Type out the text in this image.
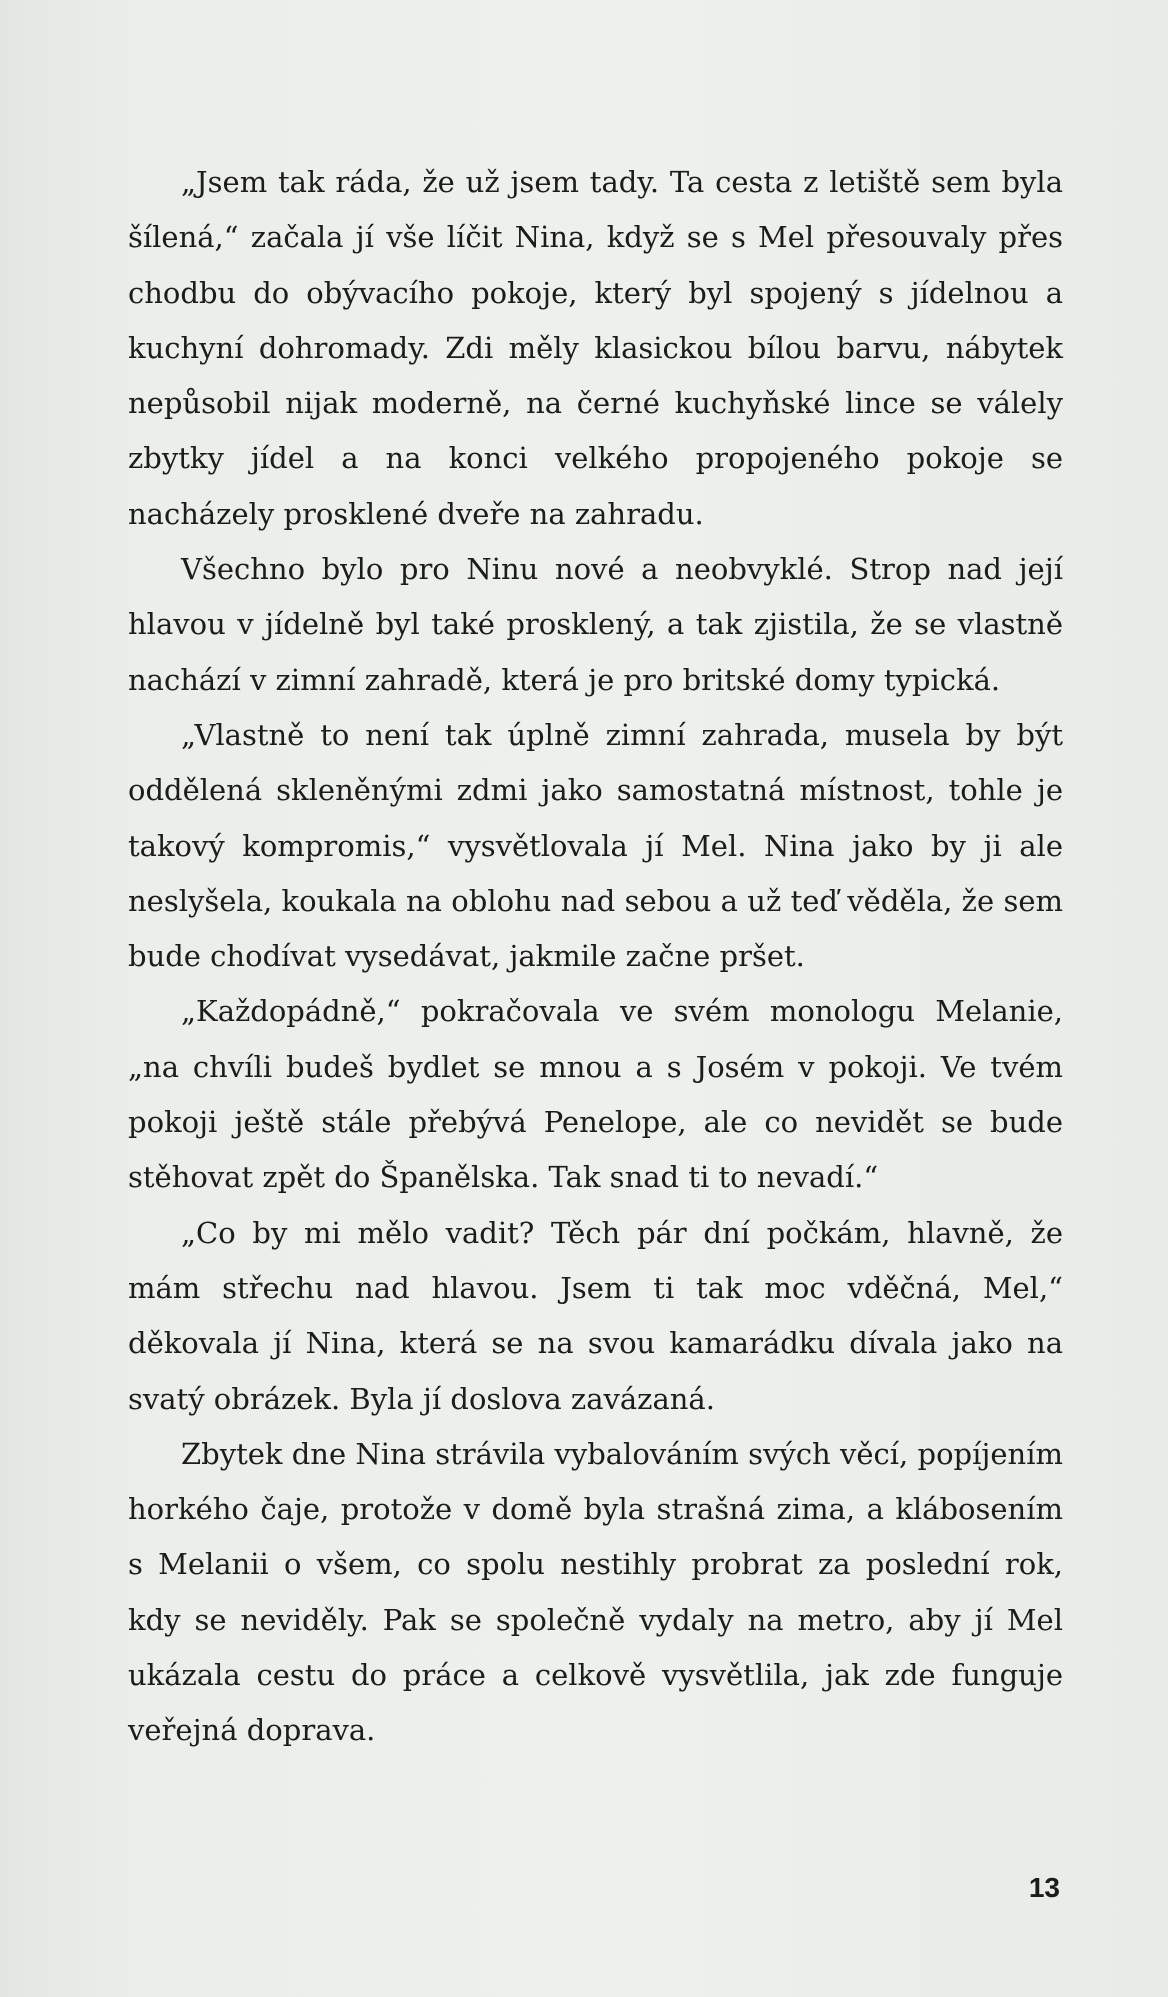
„Jsem tak ráda, že už jsem tady. Ta cesta z letiště sem byla šílená,“ začala jí vše líčit Nina, když se s Mel přesouvaly přes chodbu do obývacího pokoje, který byl spojený s jídelnou a kuchyní dohromady. Zdi měly klasickou bílou barvu, nábytek nepůsobil nijak moderně, na černé kuchyňské lince se válely zbytky jídel a na konci velkého propojeného pokoje se nacházely prosklené dveře na zahradu.

Všechno bylo pro Ninu nové a neobvyklé. Strop nad její hlavou v jídelně byl také prosklený, a tak zjistila, že se vlastně nachází v zimní zahradě, která je pro britské domy typická.

„Vlastně to není tak úplně zimní zahrada, musela by být oddělená skleněnými zdmi jako samostatná místnost, tohle je takový kompromis,“ vysvětlovala jí Mel. Nina jako by ji ale neslyšela, koukala na oblohu nad sebou a už teď věděla, že sem bude chodívat vysedávat, jakmile začne pršet.

„Každopádně,“ pokračovala ve svém monologu Melanie, „na chvíli budeš bydlet se mnou a s Josém v pokoji. Ve tvém pokoji ještě stále přebývá Penelope, ale co nevidět se bude stěhovat zpět do Španělska. Tak snad ti to nevadí.“

„Co by mi mělo vadit? Těch pár dní počkám, hlavně, že mám střechu nad hlavou. Jsem ti tak moc vděčná, Mel,“ děkovala jí Nina, která se na svou kamarádku dívala jako na svatý obrázek. Byla jí doslova zavázaná.

Zbytek dne Nina strávila vybalováním svých věcí, popíjením horkého čaje, protože v domě byla strašná zima, a klábosením s Melanii o všem, co spolu nestihly probrat za poslední rok, kdy se neviděly. Pak se společně vydaly na metro, aby jí Mel ukázala cestu do práce a celkově vysvětlila, jak zde funguje veřejná doprava.

13
